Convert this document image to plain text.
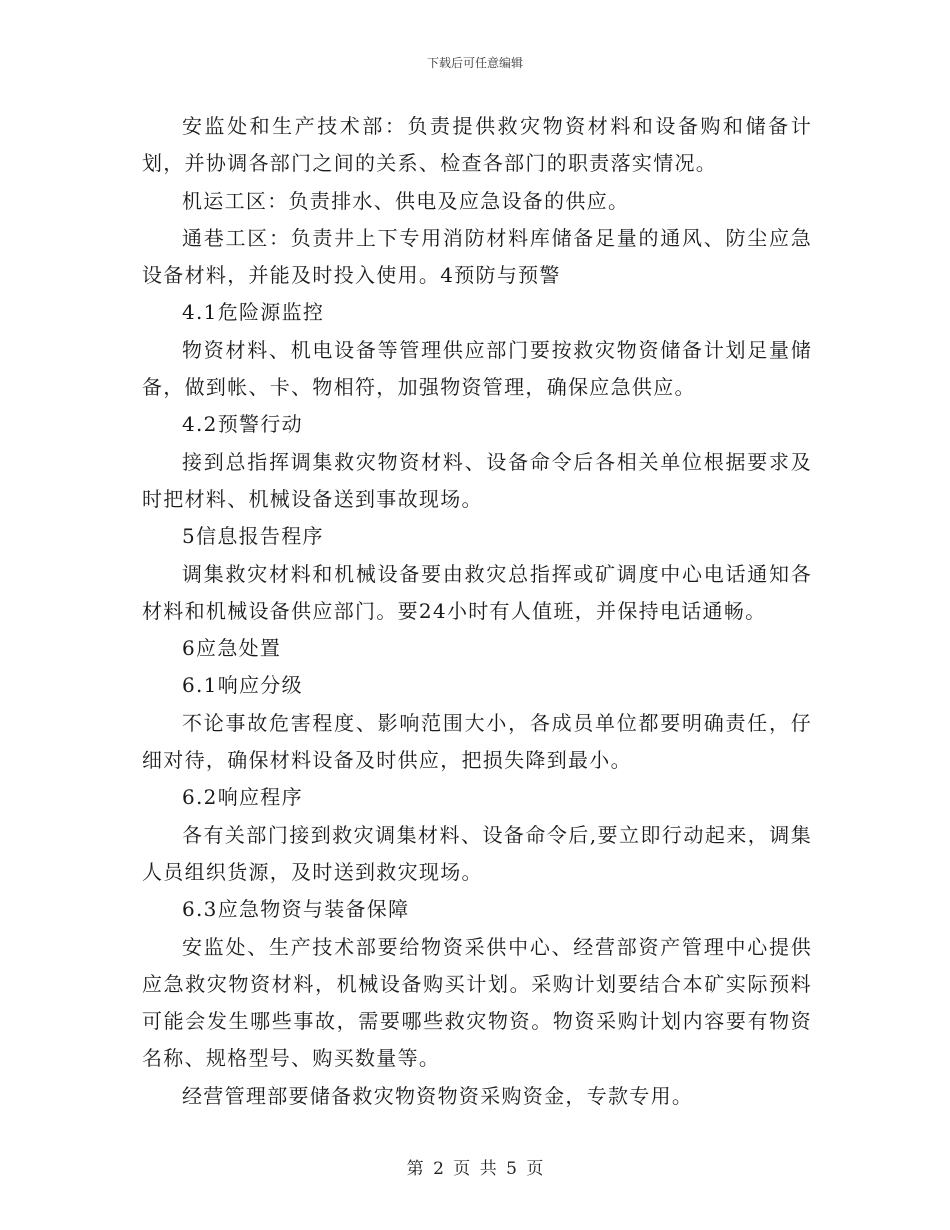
下载后可任意编辑

安监处和生产技术部：负责提供救灾物资材料和设备购和储备计划，并协调各部门之间的关系、检查各部门的职责落实情况。

机运工区：负责排水、供电及应急设备的供应。

通巷工区：负责井上下专用消防材料库储备足量的通风、防尘应急设备材料，并能及时投入使用。4预防与预警

4.1危险源监控

物资材料、机电设备等管理供应部门要按救灾物资储备计划足量储备，做到帐、卡、物相符，加强物资管理，确保应急供应。

4.2预警行动

接到总指挥调集救灾物资材料、设备命令后各相关单位根据要求及时把材料、机械设备送到事故现场。

5信息报告程序

调集救灾材料和机械设备要由救灾总指挥或矿调度中心电话通知各材料和机械设备供应部门。要24小时有人值班，并保持电话通畅。

6应急处置

6.1响应分级

不论事故危害程度、影响范围大小，各成员单位都要明确责任，仔细对待，确保材料设备及时供应，把损失降到最小。

6.2响应程序

各有关部门接到救灾调集材料、设备命令后,要立即行动起来，调集人员组织货源，及时送到救灾现场。

6.3应急物资与装备保障

安监处、生产技术部要给物资采供中心、经营部资产管理中心提供应急救灾物资材料，机械设备购买计划。采购计划要结合本矿实际预料可能会发生哪些事故，需要哪些救灾物资。物资采购计划内容要有物资名称、规格型号、购买数量等。

经营管理部要储备救灾物资物资采购资金，专款专用。

第 2 页 共 5 页
